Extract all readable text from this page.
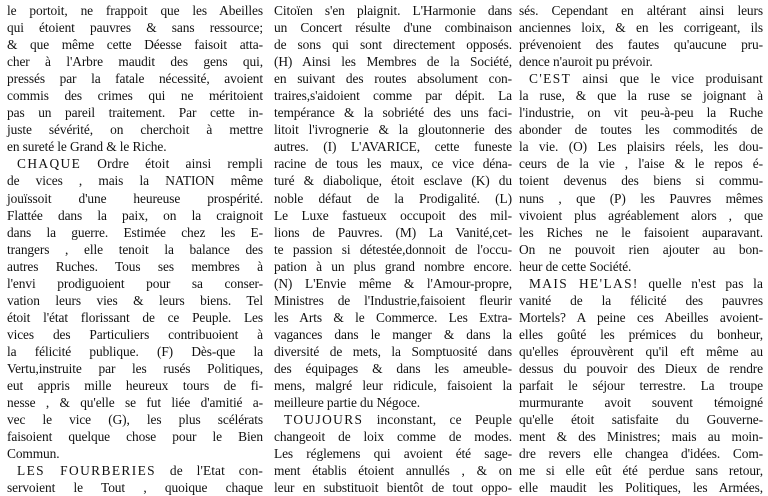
le portoit, ne frappoit que les Abeilles
qui étoient pauvres & sans ressource;
& que même cette Déesse faisoit atta-
cher à l'Arbre maudit des gens qui,
pressés par la fatale nécessité, avoient
commis des crimes qui ne méritoient
pas un pareil traitement. Par cette in-
juste sévérité, on cherchoit à mettre
en sureté le Grand & le Riche.
CHAQUE Ordre étoit ainsi rempli
de vices , mais la NATION même
jouïssoit d'une heureuse prospérité.
Flattée dans la paix, on la craignoit
dans la guerre. Estimée chez les E-
trangers , elle tenoit la balance des
autres Ruches. Tous ses membres à
l'envi prodiguoient pour sa conser-
vation leurs vies & leurs biens. Tel
étoit l'état florissant de ce Peuple. Les
vices des Particuliers contribuoient à
la félicité publique. (F) Dès-que la
Vertu,instruite par les rusés Politiques,
eut appris mille heureux tours de fi-
nesse , & qu'elle se fut liée d'amitié a-
vec le vice (G), les plus scélérats
faisoient quelque chose pour le Bien
Commun.
LES FOURBERIES de l'Etat con-
servoient le Tout , quoique chaque
Citoïen s'en plaignit. L'Harmonie dans
un Concert résulte d'une combinaison
de sons qui sont directement opposés.
(H) Ainsi les Membres de la Société,
en suivant des routes absolument con-
traires,s'aidoient comme par dépit. La
tempérance & la sobriété des uns faci-
litoit l'ivrognerie & la gloutonnerie des
autres. (I) L'AVARICE, cette funeste
racine de tous les maux, ce vice déna-
turé & diabolique, étoit esclave (K) du
noble défaut de la Prodigalité. (L)
Le Luxe fastueux occupoit des mil-
lions de Pauvres. (M) La Vanité,cet-
te passion si détestée,donnoit de l'occu-
pation à un plus grand nombre encore.
(N) L'Envie même & l'Amour-propre,
Ministres de l'Industrie,faisoient fleurir
les Arts & le Commerce. Les Extra-
vagances dans le manger & dans la
diversité de mets, la Somptuosité dans
des équipages & dans les ameuble-
mens, malgré leur ridicule, faisoient la
meilleure partie du Négoce.
TOUJOURS inconstant, ce Peuple
changeoit de loix comme de modes.
Les réglemens qui avoient été sage-
ment établis étoient annullés , & on
leur en substituoit bientôt de tout oppo-
sés. Cependant en altérant ainsi leurs
anciennes loix, & en les corrigeant, ils
prévenoient des fautes qu'aucune pru-
dence n'auroit pu prévoir.
C'EST ainsi que le vice produisant
la ruse, & que la ruse se joignant à
l'industrie, on vit peu-à-peu la Ruche
abonder de toutes les commodités de
la vie. (O) Les plaisirs réels, les dou-
ceurs de la vie , l'aise & le repos é-
toient devenus des biens si commu-
nuns , que (P) les Pauvres mêmes
vivoient plus agréablement alors , que
les Riches ne le faisoient auparavant.
On ne pouvoit rien ajouter au bon-
heur de cette Société.
MAIS HE'LAS! quelle n'est pas la
vanité de la félicité des pauvres
Mortels? A peine ces Abeilles avoient-
elles goûté les prémices du bonheur,
qu'elles éprouvèrent qu'il eft même au
dessus du pouvoir des Dieux de rendre
parfait le séjour terrestre. La troupe
murmurante avoit souvent témoigné
qu'elle étoit satisfaite du Gouverne-
ment & des Ministres; mais au moin-
dre revers elle changea d'idées. Com-
me si elle eût été perdue sans retour,
elle maudit les Politiques, les Armées,
